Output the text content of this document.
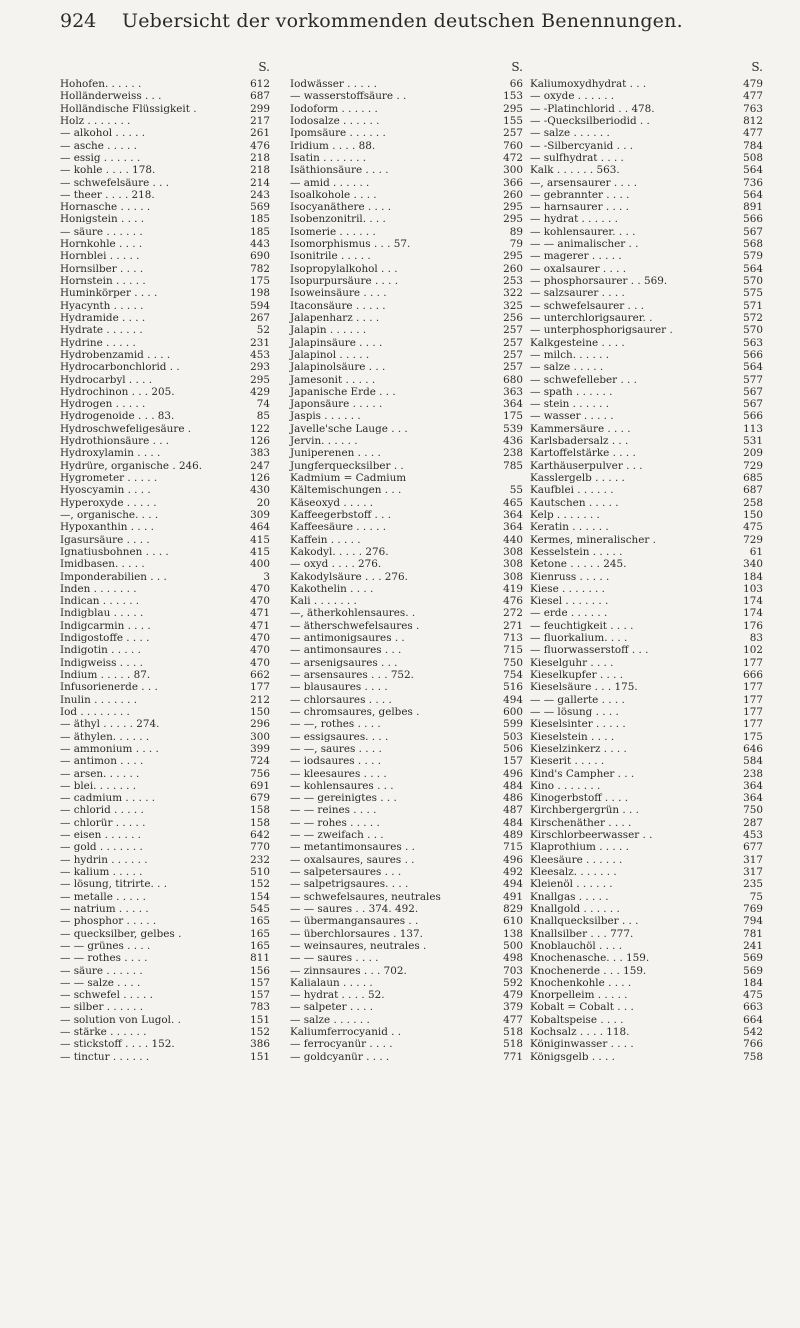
924 Uebersicht der vorkommenden deutschen Benennungen.
S.
Hohofen. . . . . .	612
Holländerweiss . . .	687
Holländische Flüssigkeit .	299
Holz . . . . . . .	217
— alkohol . . . . .	261
— asche . . . . .	476
— essig . . . . . .	218
— kohle . . . . 178.	218
— schwefelsäure . . .	214
— theer . . . . 218.	243
Hornasche . . . . .	569
Honigstein . . . .	185
— säure . . . . . .	185
Hornkohle . . . .	443
Hornblei . . . . .	690
Hornsilber . . . .	782
Hornstein . . . . .	175
Huminkörper . . . .	198
Hyacynth . . . . .	594
Hydramide . . . .	267
Hydrate . . . . . .	52
Hydrine . . . . .	231
Hydrobenzamid . . . .	453
Hydrocarbonchlorid . .	293
Hydrocarbyl . . . .	295
Hydrochinon . . . 205.	429
Hydrogen . . . . .	74
Hydrogenoide . . . 83.	85
Hydroschwefeligesäure .	122
Hydrothionsäure . . .	126
Hydroxylamin . . . .	383
Hydrüre, organische . 246.	247
Hygrometer . . . . .	126
Hyoscyamin . . . .	430
Hyperoxyde . . . . .	20
—, organische. . . .	309
Hypoxanthin . . . .	464
Igasursäure . . . .	415
Ignatiusbohnen . . . .	415
Imidbasen. . . . .	400
Imponderabilien . . .	3
Inden . . . . . . .	470
Indican . . . . . .	470
Indigblau . . . . .	471
Indigcarmin . . . .	471
Indigostoffe . . . .	470
Indigotin . . . . .	470
Indigweiss . . . .	470
Indium . . . . . 87.	662
Infusorienerde . . .	177
Inulin . . . . . . .	212
Iod . . . . . . . .	150
— äthyl . . . . . 274.	296
— äthylen. . . . . .	300
— ammonium . . . .	399
— antimon . . . .	724
— arsen. . . . . .	756
— blei. . . . . . .	691
— cadmium . . . . .	679
— chlorid . . . . .	158
— chlorür . . . . .	158
— eisen . . . . . .	642
— gold . . . . . . .	770
— hydrin . . . . . .	232
— kalium . . . . .	510
— lösung, titrirte. . .	152
— metalle . . . . .	154
— natrium . . . . .	545
— phosphor . . . . .	165
— quecksilber, gelbes .	165
— — grünes . . . .	165
— — rothes . . . .	811
— säure . . . . . .	156
— — salze . . . .	157
— schwefel . . . . .	157
— silber . . . . . .	783
— solution von Lugol. .	151
— stärke . . . . . .	152
— stickstoff . . . . 152.	386
— tinctur . . . . . .	151
S.
Iodwässer . . . . .	66
— wasserstoffsäure . .	153
Iodoform . . . . . .	295
Iodosalze . . . . . .	155
Ipomsäure . . . . . .	257
Iridium . . . . 88.	760
Isatin . . . . . . .	472
Isäthionsäure . . . .	300
— amid . . . . . .	366
Isoalkohole . . . .	260
Isocyanäthere . . . .	295
Isobenzonitril. . . .	295
Isomerie . . . . . .	89
Isomorphismus . . . 57.	79
Isonitrile . . . . .	295
Isopropylalkohol . . .	260
Isopurpursäure . . . .	253
Isoweinsäure . . . .	322
Itaconsäure . . . . .	325
Jalapenharz . . . .	256
Jalapin . . . . . .	257
Jalapinsäure . . . .	257
Jalapinol . . . . .	257
Jalapinolsäure . . .	257
Jamesonit . . . . .	680
Japanische Erde . . .	363
Japonsäure . . . . .	364
Jaspis . . . . . .	175
Javelle'sche Lauge . . .	539
Jervin. . . . . .	436
Juniperenen . . . .	238
Jungferquecksilber . .	785
Kadmium = Cadmium
Kältemischungen . . .	55
Käseoxyd . . . . .	465
Kaffeegerbstoff . . .	364
Kaffeesäure . . . . .	364
Kaffein . . . . .	440
Kakodyl. . . . . 276.	308
— oxyd . . . . 276.	308
Kakodylsäure . . . 276.	308
Kakothelin . . . .	419
Kali . . . . . . .	476
—, ätherkohlensaures. .	272
— ätherschwefelsaures .	271
— antimonigsaures . .	713
— antimonsaures . . .	715
— arsenigsaures . . .	750
— arsensaures . . . 752.	754
— blausaures . . . .	516
— chlorsaures . . . .	494
— chromsaures, gelbes .	600
— —, rothes . . . .	599
— essigsaures. . . .	503
— —, saures . . . .	506
— iodsaures . . . .	157
— kleesaures . . . .	496
— kohlensaures . . .	484
— — gereinigtes . . .	486
— — reines . . . .	487
— — rohes . . . . .	484
— — zweifach . . .	489
— metantimonsaures . .	715
— oxalsaures, saures . .	496
— salpetersaures . . .	492
— salpetrigsaures. . . .	494
— schwefelsaures, neutrales	491
— — saures . . 374. 492.	829
— übermangansaures . .	610
— überchlorsaures . 137.	138
— weinsaures, neutrales .	500
— — saures . . . .	498
— zinnsaures . . . 702.	703
Kalialaun . . . . .	592
— hydrat . . . . 52.	479
— salpeter . . . .	379
— salze . . . . . .	477
Kaliumferrocyanid . .	518
— ferrocyanür . . . .	518
— goldcyanür . . . .	771
S.
Kaliumoxydhydrat . . .	479
— oxyde . . . . . .	477
— -Platinchlorid . . 478.	763
— -Quecksilberiodid . .	812
— salze . . . . . .	477
— -Silbercyanid . . .	784
— sulfhydrat . . . .	508
Kalk . . . . . . 563.	564
—, arsensaurer . . . .	736
— gebrannter . . . .	564
— harnsaurer . . . .	891
— hydrat . . . . . .	566
— kohlensaurer. . . .	567
— — animalischer . .	568
— magerer . . . . .	579
— oxalsaurer . . . .	564
— phosphorsaurer . . 569.	570
— salzsaurer . . . .	575
— schwefelsaurer . . .	571
— unterchlorigsaurer. .	572
— unterphosphorigsaurer .	570
Kalkgesteine . . . .	563
— milch. . . . . .	566
— salze . . . . .	564
— schwefelleber . . .	577
— spath . . . . . .	567
— stein . . . . . .	567
— wasser . . . . .	566
Kammersäure . . . .	113
Karlsbadersalz . . .	531
Kartoffelstärke . . . .	209
Karthäuserpulver . . .	729
Kasslergelb . . . . .	685
Kaufblei . . . . . .	687
Kautschen . . . . .	258
Kelp . . . . . . .	150
Keratin . . . . . .	475
Kermes, mineralischer .	729
Kesselstein . . . . .	61
Ketone . . . . . 245.	340
Kienruss . . . . .	184
Kiese . . . . . . .	103
Kiesel . . . . . . .	174
— erde . . . . . .	174
— feuchtigkeit . . . .	176
— fluorkalium. . . .	83
— fluorwasserstoff . . .	102
Kieselguhr . . . .	177
Kieselkupfer . . . .	666
Kieselsäure . . . 175.	177
— — gallerte . . . .	177
— — lösung . . . .	177
Kieselsinter . . . . .	177
Kieselstein . . . .	175
Kieselzinkerz . . . .	646
Kieserit . . . . .	584
Kind's Campher . . .	238
Kino . . . . . . .	364
Kinogerbstoff . . . .	364
Kirchbergergrün . . .	750
Kirschenäther . . . .	287
Kirschlorbeerwasser . .	453
Klaprothium . . . . .	677
Kleesäure . . . . . .	317
Kleesalz. . . . . . .	317
Kleienöl . . . . . .	235
Knallgas . . . . .	75
Knallgold . . . . . .	769
Knallquecksilber . . .	794
Knallsilber . . . 777.	781
Knoblauchöl . . . .	241
Knochenasche. . . 159.	569
Knochenerde . . . 159.	569
Knochenkohle . . . .	184
Knorpelleim . . . . .	475
Kobalt = Cobalt . . .	663
Kobaltspeise . . . .	664
Kochsalz . . . . 118.	542
Königinwasser . . . .	766
Königsgelb . . . .	758
